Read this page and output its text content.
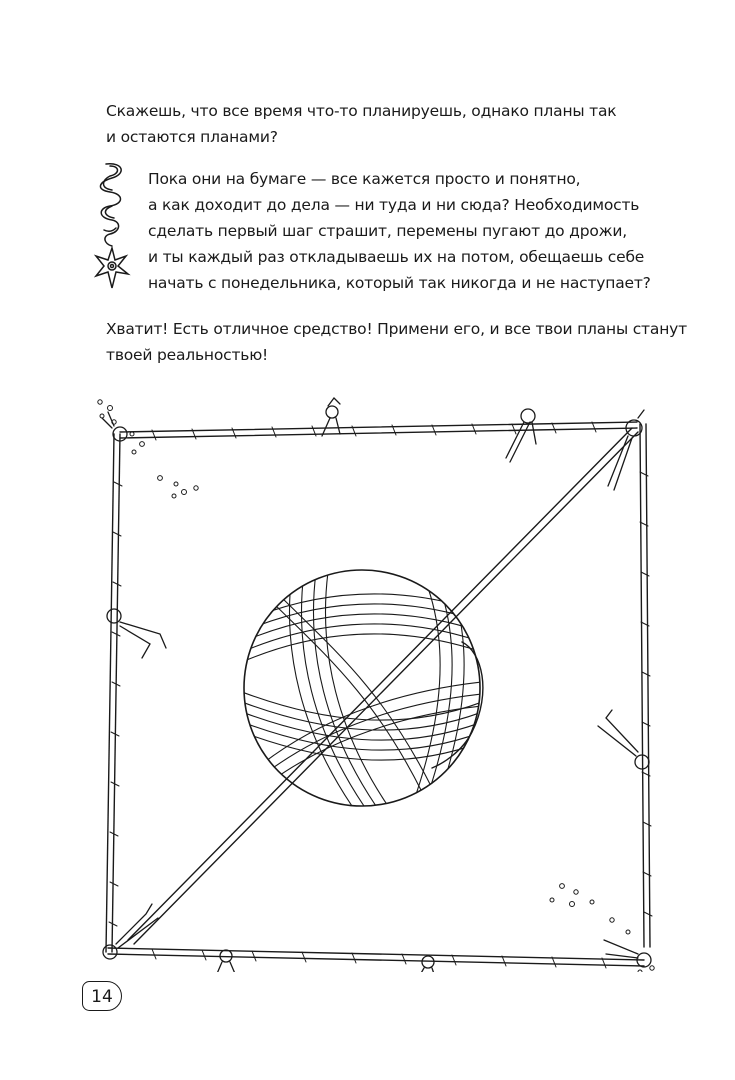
Скажешь, что все время что-то планируешь, однако планы так
и остаются планами?
Пока они на бумаге — все кажется просто и понятно,
а как доходит до дела — ни туда и ни сюда? Необходимость
сделать первый шаг страшит, перемены пугают до дрожи,
и ты каждый раз откладываешь их на потом, обещаешь себе
начать с понедельника, который так никогда и не наступает?
Хватит! Есть отличное средство! Примени его, и все твои планы станут
твоей реальностью!
14
